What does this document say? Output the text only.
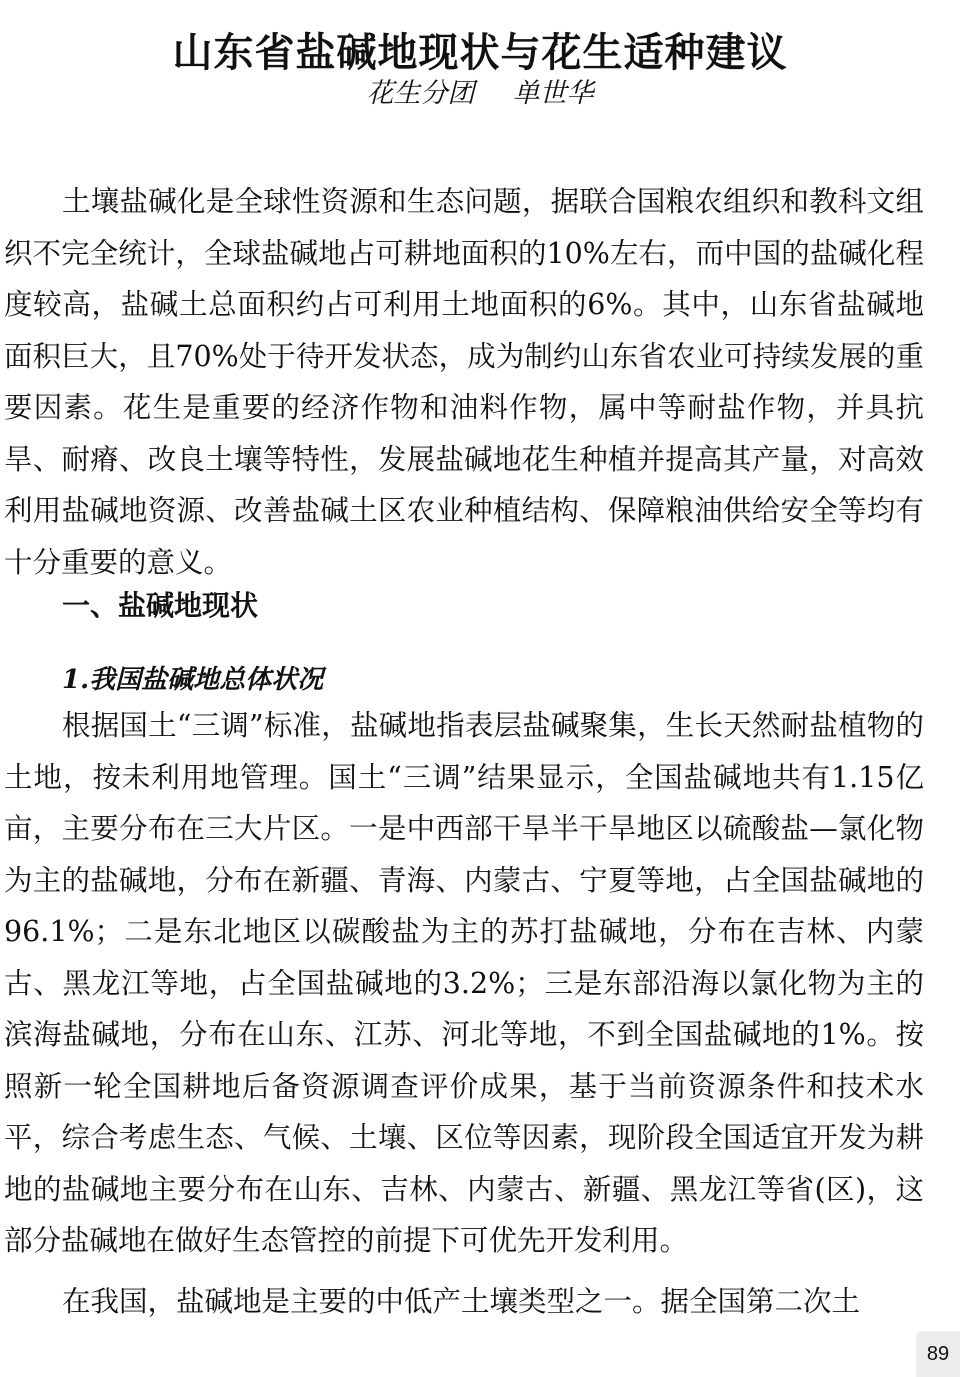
山东省盐碱地现状与花生适种建议
花生分团 单世华

土壤盐碱化是全球性资源和生态问题，据联合国粮农组织和教科文组织不完全统计，全球盐碱地占可耕地面积的10%左右，而中国的盐碱化程度较高，盐碱土总面积约占可利用土地面积的6%。其中，山东省盐碱地面积巨大，且70%处于待开发状态，成为制约山东省农业可持续发展的重要因素。花生是重要的经济作物和油料作物，属中等耐盐作物，并具抗旱、耐瘠、改良土壤等特性，发展盐碱地花生种植并提高其产量，对高效利用盐碱地资源、改善盐碱土区农业种植结构、保障粮油供给安全等均有十分重要的意义。

一、盐碱地现状
1.我国盐碱地总体状况

根据国土“三调”标准，盐碱地指表层盐碱聚集，生长天然耐盐植物的土地，按未利用地管理。国土“三调”结果显示，全国盐碱地共有1.15亿亩，主要分布在三大片区。一是中西部干旱半干旱地区以硫酸盐—氯化物为主的盐碱地，分布在新疆、青海、内蒙古、宁夏等地，占全国盐碱地的96.1%；二是东北地区以碳酸盐为主的苏打盐碱地，分布在吉林、内蒙古、黑龙江等地，占全国盐碱地的3.2%；三是东部沿海以氯化物为主的滨海盐碱地，分布在山东、江苏、河北等地，不到全国盐碱地的1%。按照新一轮全国耕地后备资源调查评价成果，基于当前资源条件和技术水平，综合考虑生态、气候、土壤、区位等因素，现阶段全国适宜开发为耕地的盐碱地主要分布在山东、吉林、内蒙古、新疆、黑龙江等省(区)，这部分盐碱地在做好生态管控的前提下可优先开发利用。

在我国，盐碱地是主要的中低产土壤类型之一。据全国第二次土

89
